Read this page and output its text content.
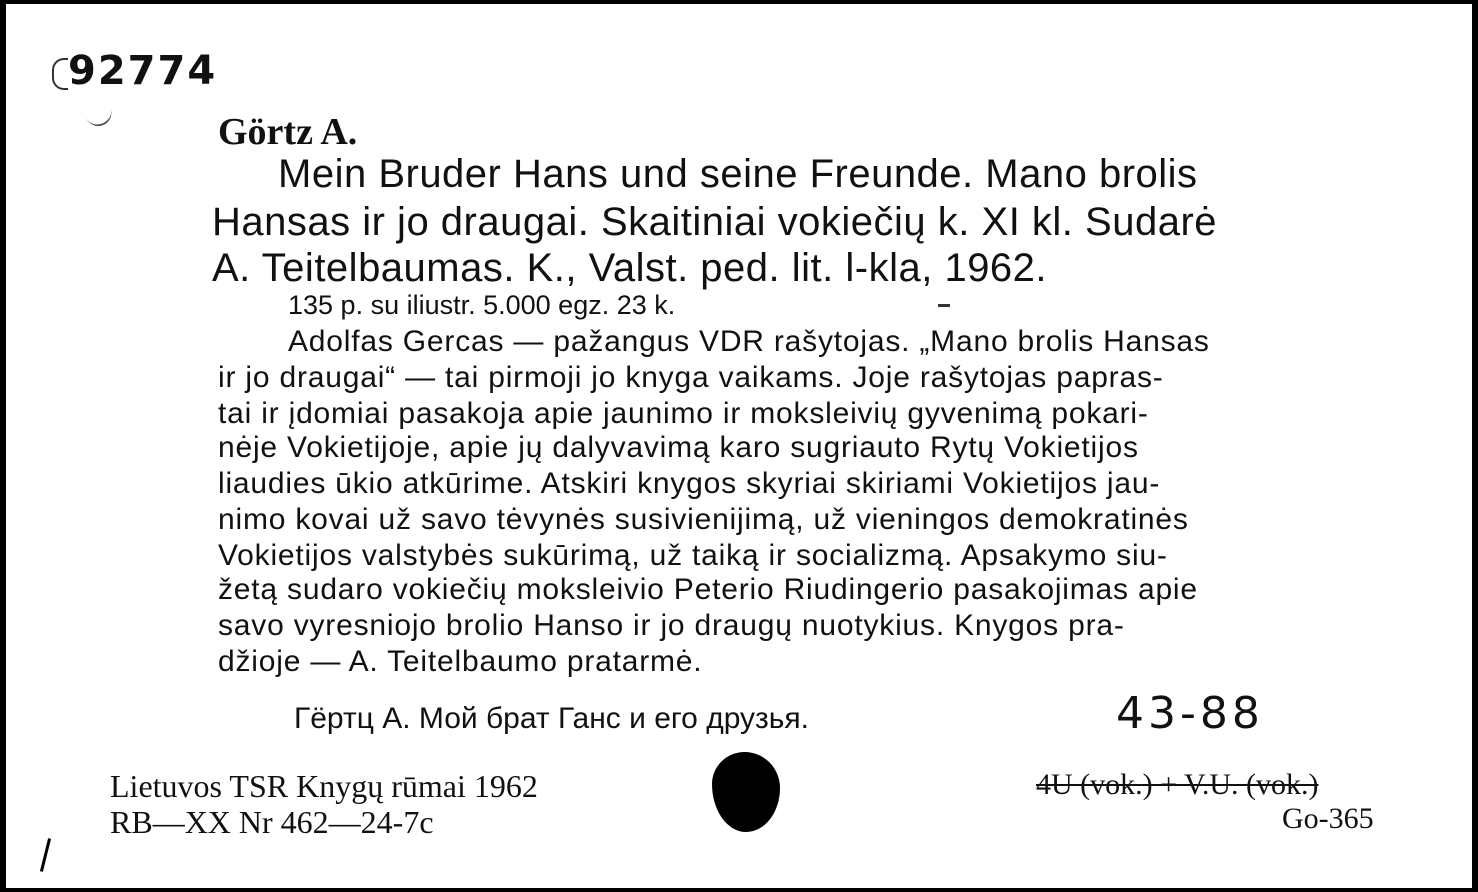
92774
Görtz A.
Mein Bruder Hans und seine Freunde. Mano brolis
Hansas ir jo draugai. Skaitiniai vokiečių k. XI kl. Sudarė
A. Teitelbaumas. K., Valst. ped. lit. l-kla, 1962.
135 p. su iliustr. 5.000 egz. 23 k.
Adolfas Gercas — pažangus VDR rašytojas. „Mano brolis Hansas
ir jo draugai“ — tai pirmoji jo knyga vaikams. Joje rašytojas papras-
tai ir įdomiai pasakoja apie jaunimo ir moksleivių gyvenimą pokari-
nėje Vokietijoje, apie jų dalyvavimą karo sugriauto Rytų Vokietijos
liaudies ūkio atkūrime. Atskiri knygos skyriai skiriami Vokietijos jau-
nimo kovai už savo tėvynės susivienijimą, už vieningos demokratinės
Vokietijos valstybės sukūrimą, už taiką ir socializmą. Apsakymo siu-
žetą sudaro vokiečių moksleivio Peterio Riudingerio pasakojimas apie
savo vyresniojo brolio Hanso ir jo draugų nuotykius. Knygos pra-
džioje — A. Teitelbaumo pratarmė.
Гёртц А. Мой брат Ганс и его друзья.	43-88
Lietuvos TSR Knygų rūmai 1962
RB—XX Nr 462—24-7c
4U (vok.) + V.U. (vok.)
Go-365
